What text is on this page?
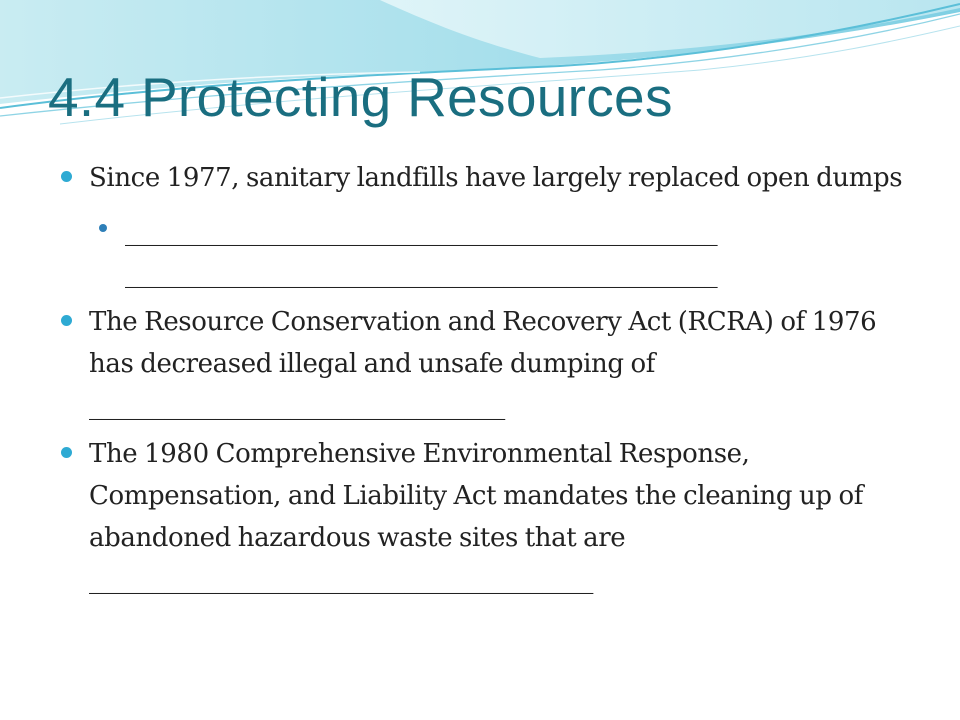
4.4 Protecting Resources
Since 1977, sanitary landfills have largely replaced open dumps
_______________________________________________
_______________________________________________
The Resource Conservation and Recovery Act (RCRA) of 1976 has decreased illegal and unsafe dumping of
_________________________________
The 1980 Comprehensive Environmental Response, Compensation, and Liability Act mandates the cleaning up of abandoned hazardous waste sites that are ________________________________________
